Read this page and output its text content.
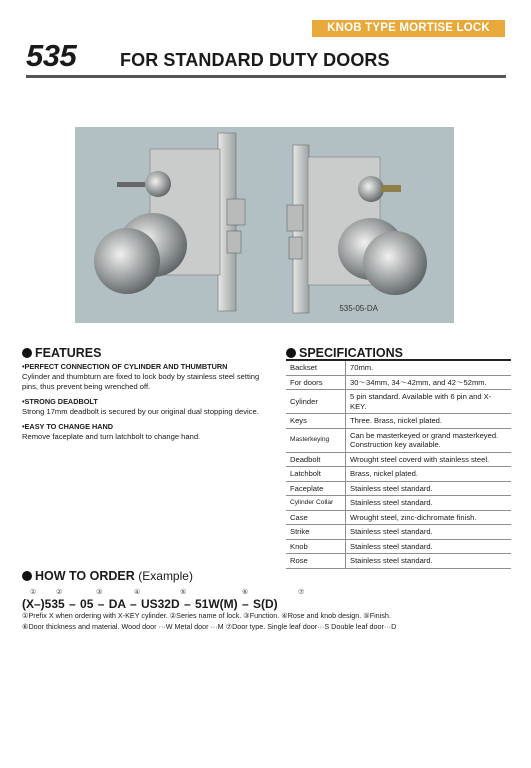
KNOB TYPE MORTISE LOCK
535 FOR STANDARD DUTY DOORS
535-05-DA
FEATURES
•PERFECT CONNECTION OF CYLINDER AND THUMBTURN
Cylinder and thumbturn are fixed to lock body by stainless steel setting pins, thus prevent being wrenched off.
•STRONG DEADBOLT
Strong 17mm deadbolt is secured by our original dual stopping device.
•EASY TO CHANGE HAND
Remove faceplate and turn latchbolt to change hand.
SPECIFICATIONS
Backset	70mm.
For doors	30～34mm, 34～42mm, and 42～52mm.
Cylinder	5 pin standard. Available with 6 pin and X-KEY.
Keys	Three. Brass, nickel plated.
Masterkeying	Can be masterkeyed or grand masterkeyed. Construction key available.
Deadbolt	Wrought steel coverd with stainless steel.
Latchbolt	Brass, nickel plated.
Faceplate	Stainless steel standard.
Cylinder Collar	Stainless steel standard.
Case	Wrought steel, zinc-dichromate finish.
Strike	Stainless steel standard.
Knob	Stainless steel standard.
Rose	Stainless steel standard.
HOW TO ORDER (Example)
①	②	③	④	⑤	⑥	⑦
(X–)535 – 05 – DA – US32D – 51W(M) – S(D)
①Prefix X when ordering with X-KEY cylinder. ②Series name of lock. ③Function. ④Rose and knob design. ⑤Finish.
⑥Door thickness and material. Wood door ···W Metal door ···M ⑦Door type. Single leaf door···S Double leaf door···D
